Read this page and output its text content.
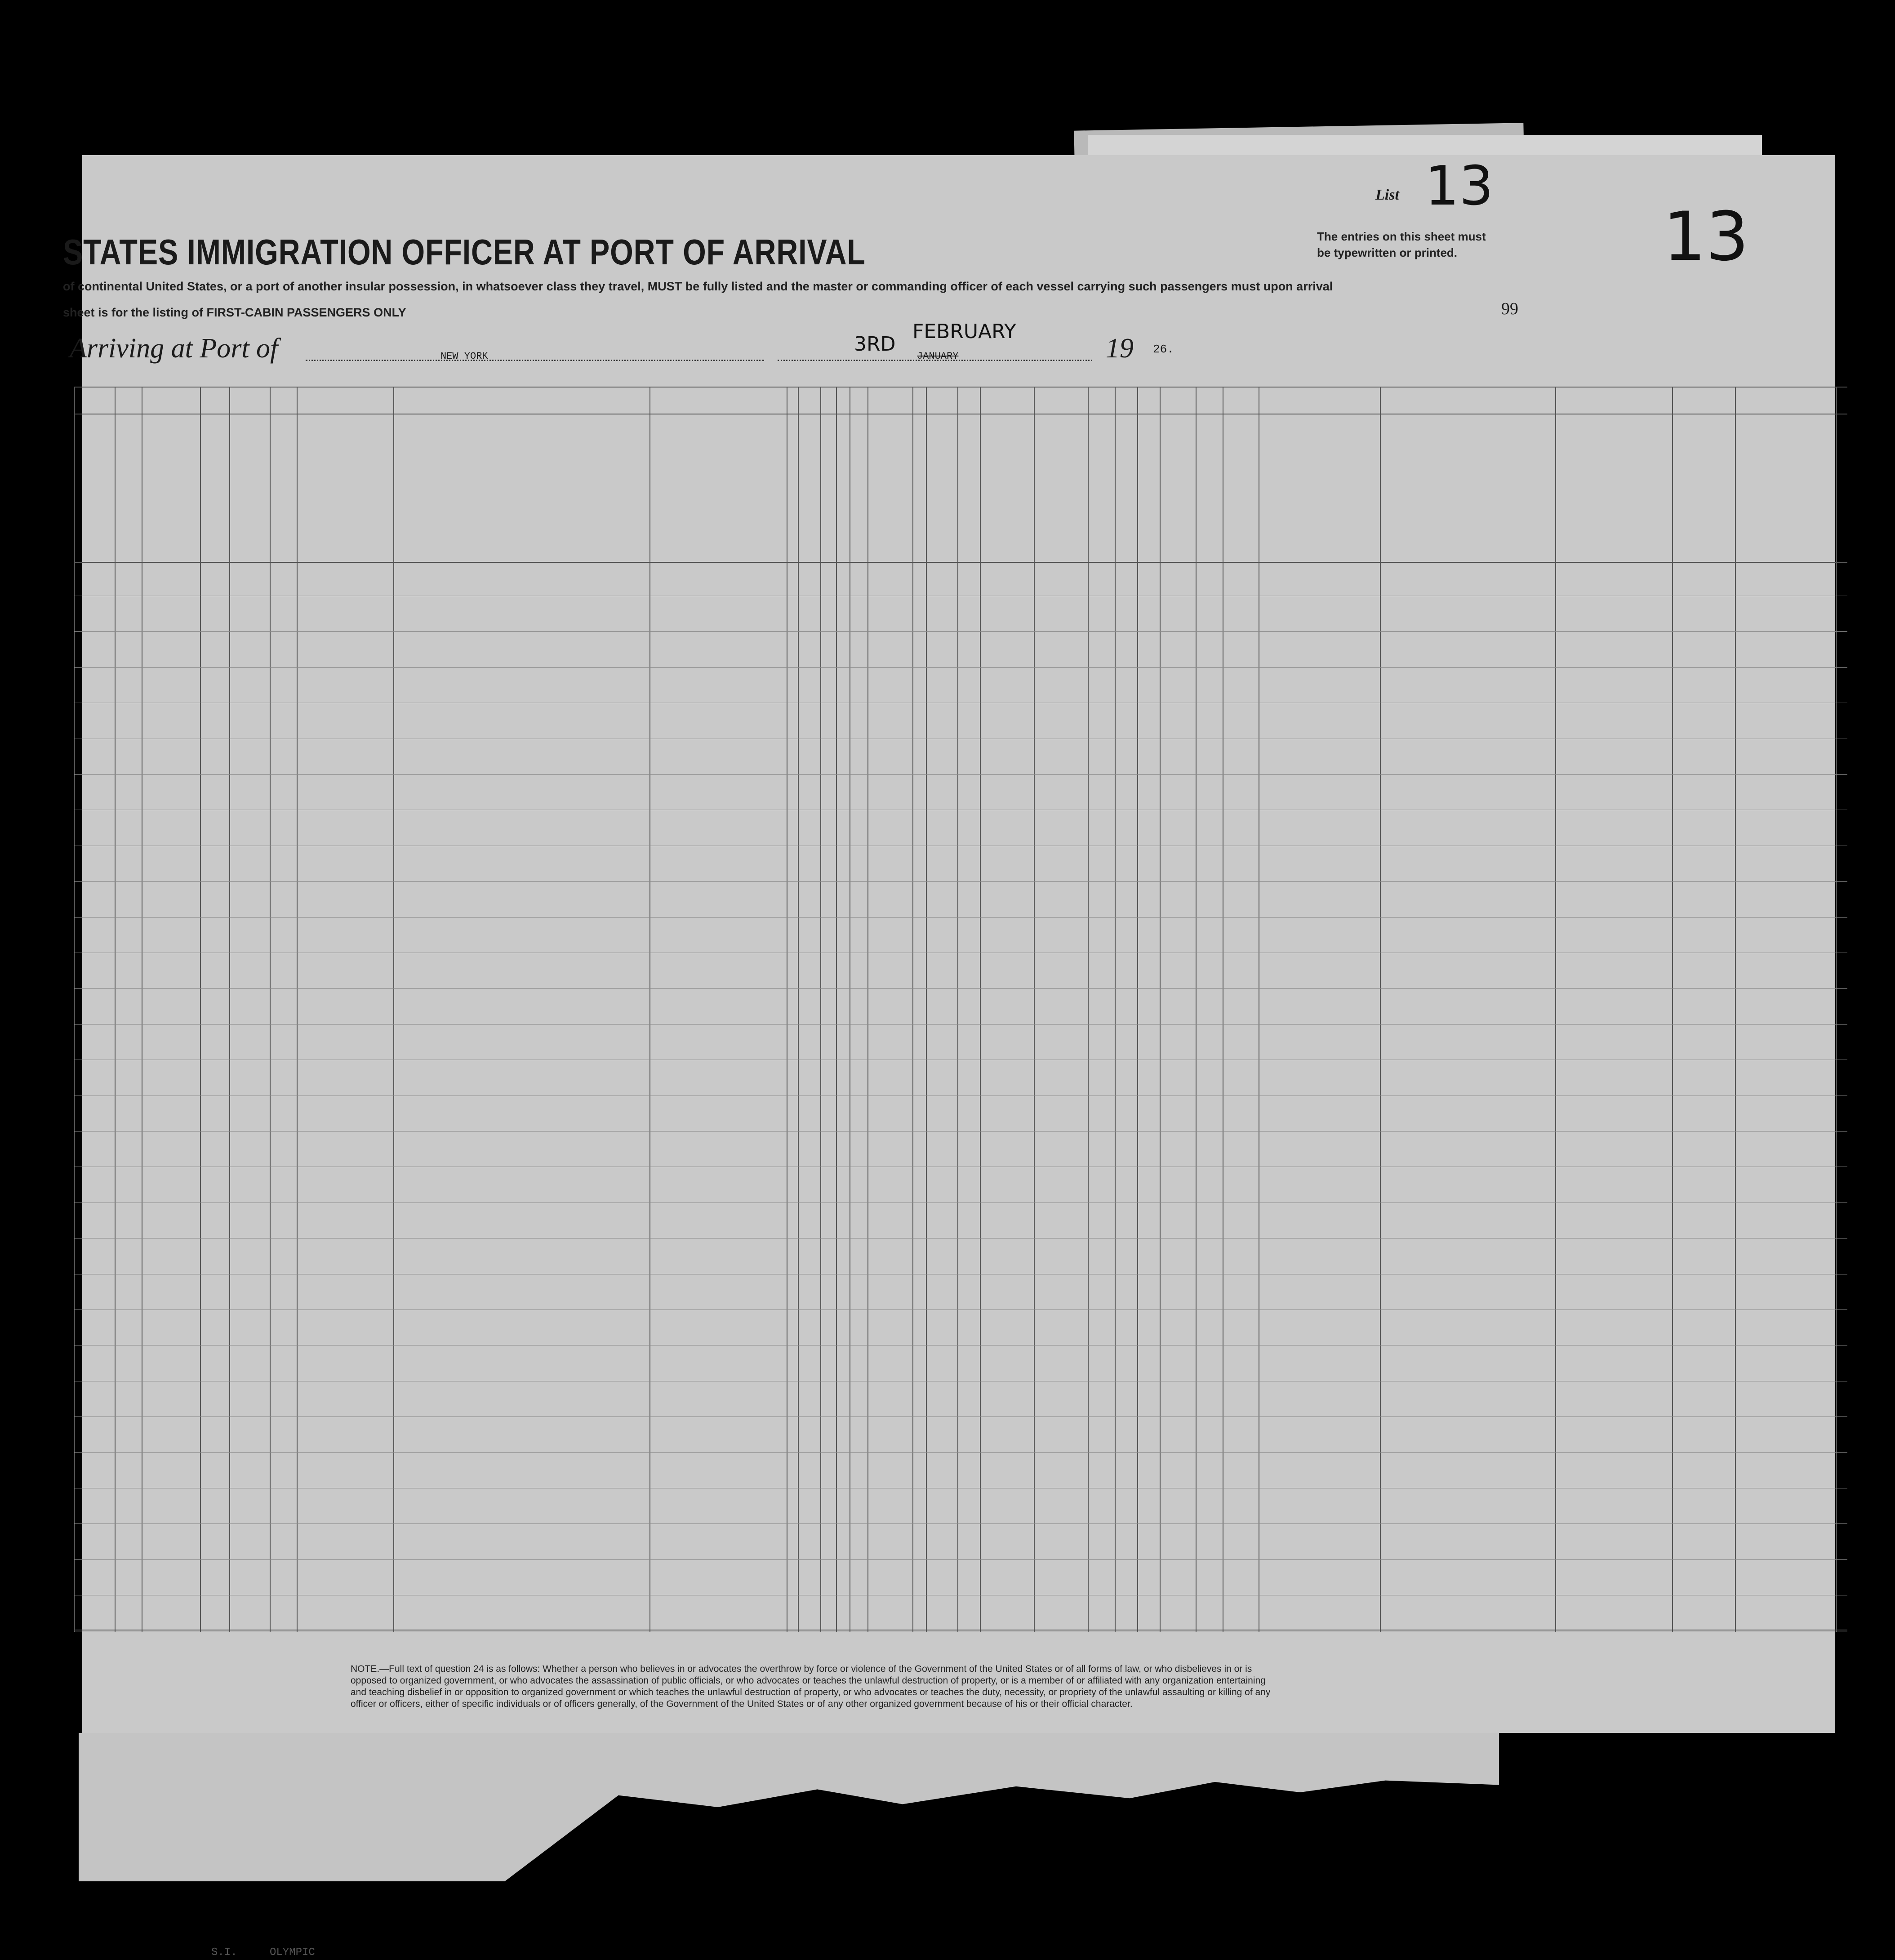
STATES IMMIGRATION OFFICER AT PORT OF ARRIVAL
of continental United States, or a port of another insular possession, in whatsoever class they travel, MUST be fully listed and the master or commanding officer of each vessel carrying such passengers must upon arrival
sheet is for the listing of FIRST-CABIN PASSENGERS ONLY
The entries on this sheet must
be typewritten or printed.
List 13
13
99
Arriving at Port of	NEW YORK
3RD
FEBRUARY
JANUARY	19 26.
NOTE.—Full text of question 24 is as follows: Whether a person who believes in or advocates the overthrow by force or violence of the Government of the United States or of all forms of law, or who disbelieves in or is opposed to organized government, or who advocates the assassination of public officials, or who advocates or teaches the unlawful destruction of property, or is a member of or affiliated with any organization entertaining and teaching disbelief in or opposition to organized government or which teaches the unlawful destruction of property, or who advocates or teaches the duty, necessity, or propriety of the unlawful assaulting or killing of any officer or officers, either of specific individuals or of officers generally, of the Government of the United States or of any other organized government because of his or their official character.
S.I.	OLYMPIC
